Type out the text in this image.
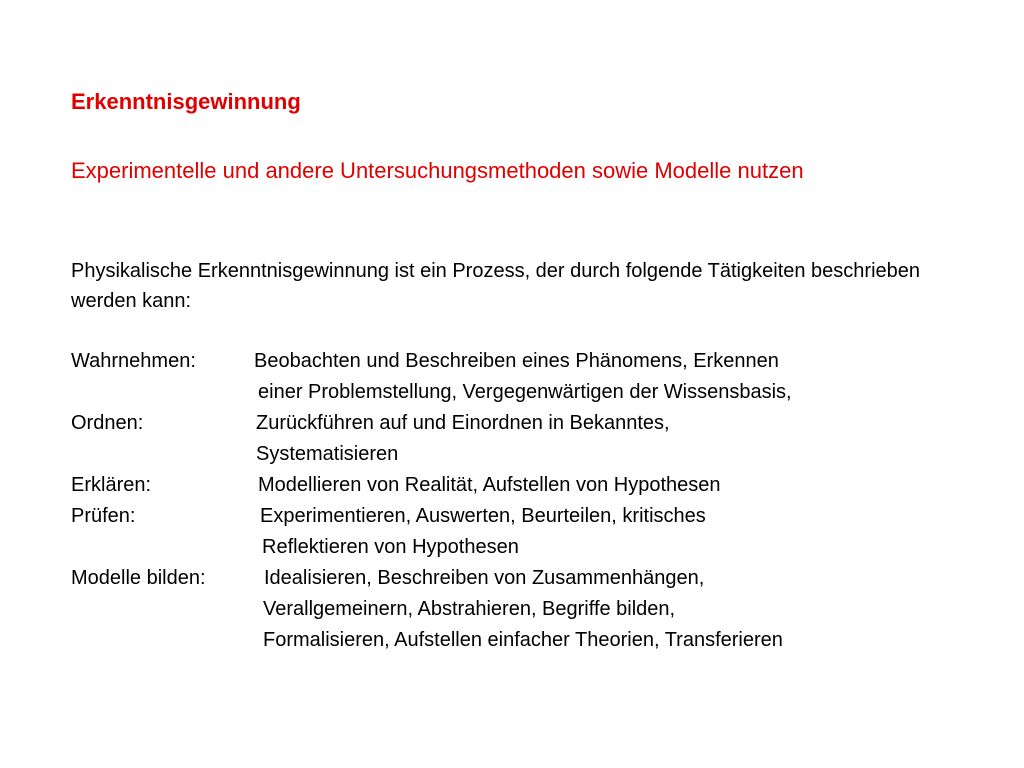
Erkenntnisgewinnung
Experimentelle und andere Untersuchungsmethoden sowie Modelle nutzen
Physikalische Erkenntnisgewinnung ist ein Prozess, der durch folgende Tätigkeiten beschrieben werden kann:
Wahrnehmen:	Beobachten und Beschreiben eines Phänomens, Erkennen
einer Problemstellung, Vergegenwärtigen der Wissensbasis,
Ordnen:	Zurückführen auf und Einordnen in Bekanntes,
Systematisieren
Erklären:	Modellieren von Realität, Aufstellen von Hypothesen
Prüfen:	Experimentieren, Auswerten, Beurteilen, kritisches
Reflektieren von Hypothesen
Modelle bilden:	Idealisieren, Beschreiben von Zusammenhängen,
Verallgemeinern, Abstrahieren, Begriffe bilden,
Formalisieren, Aufstellen einfacher Theorien, Transferieren
